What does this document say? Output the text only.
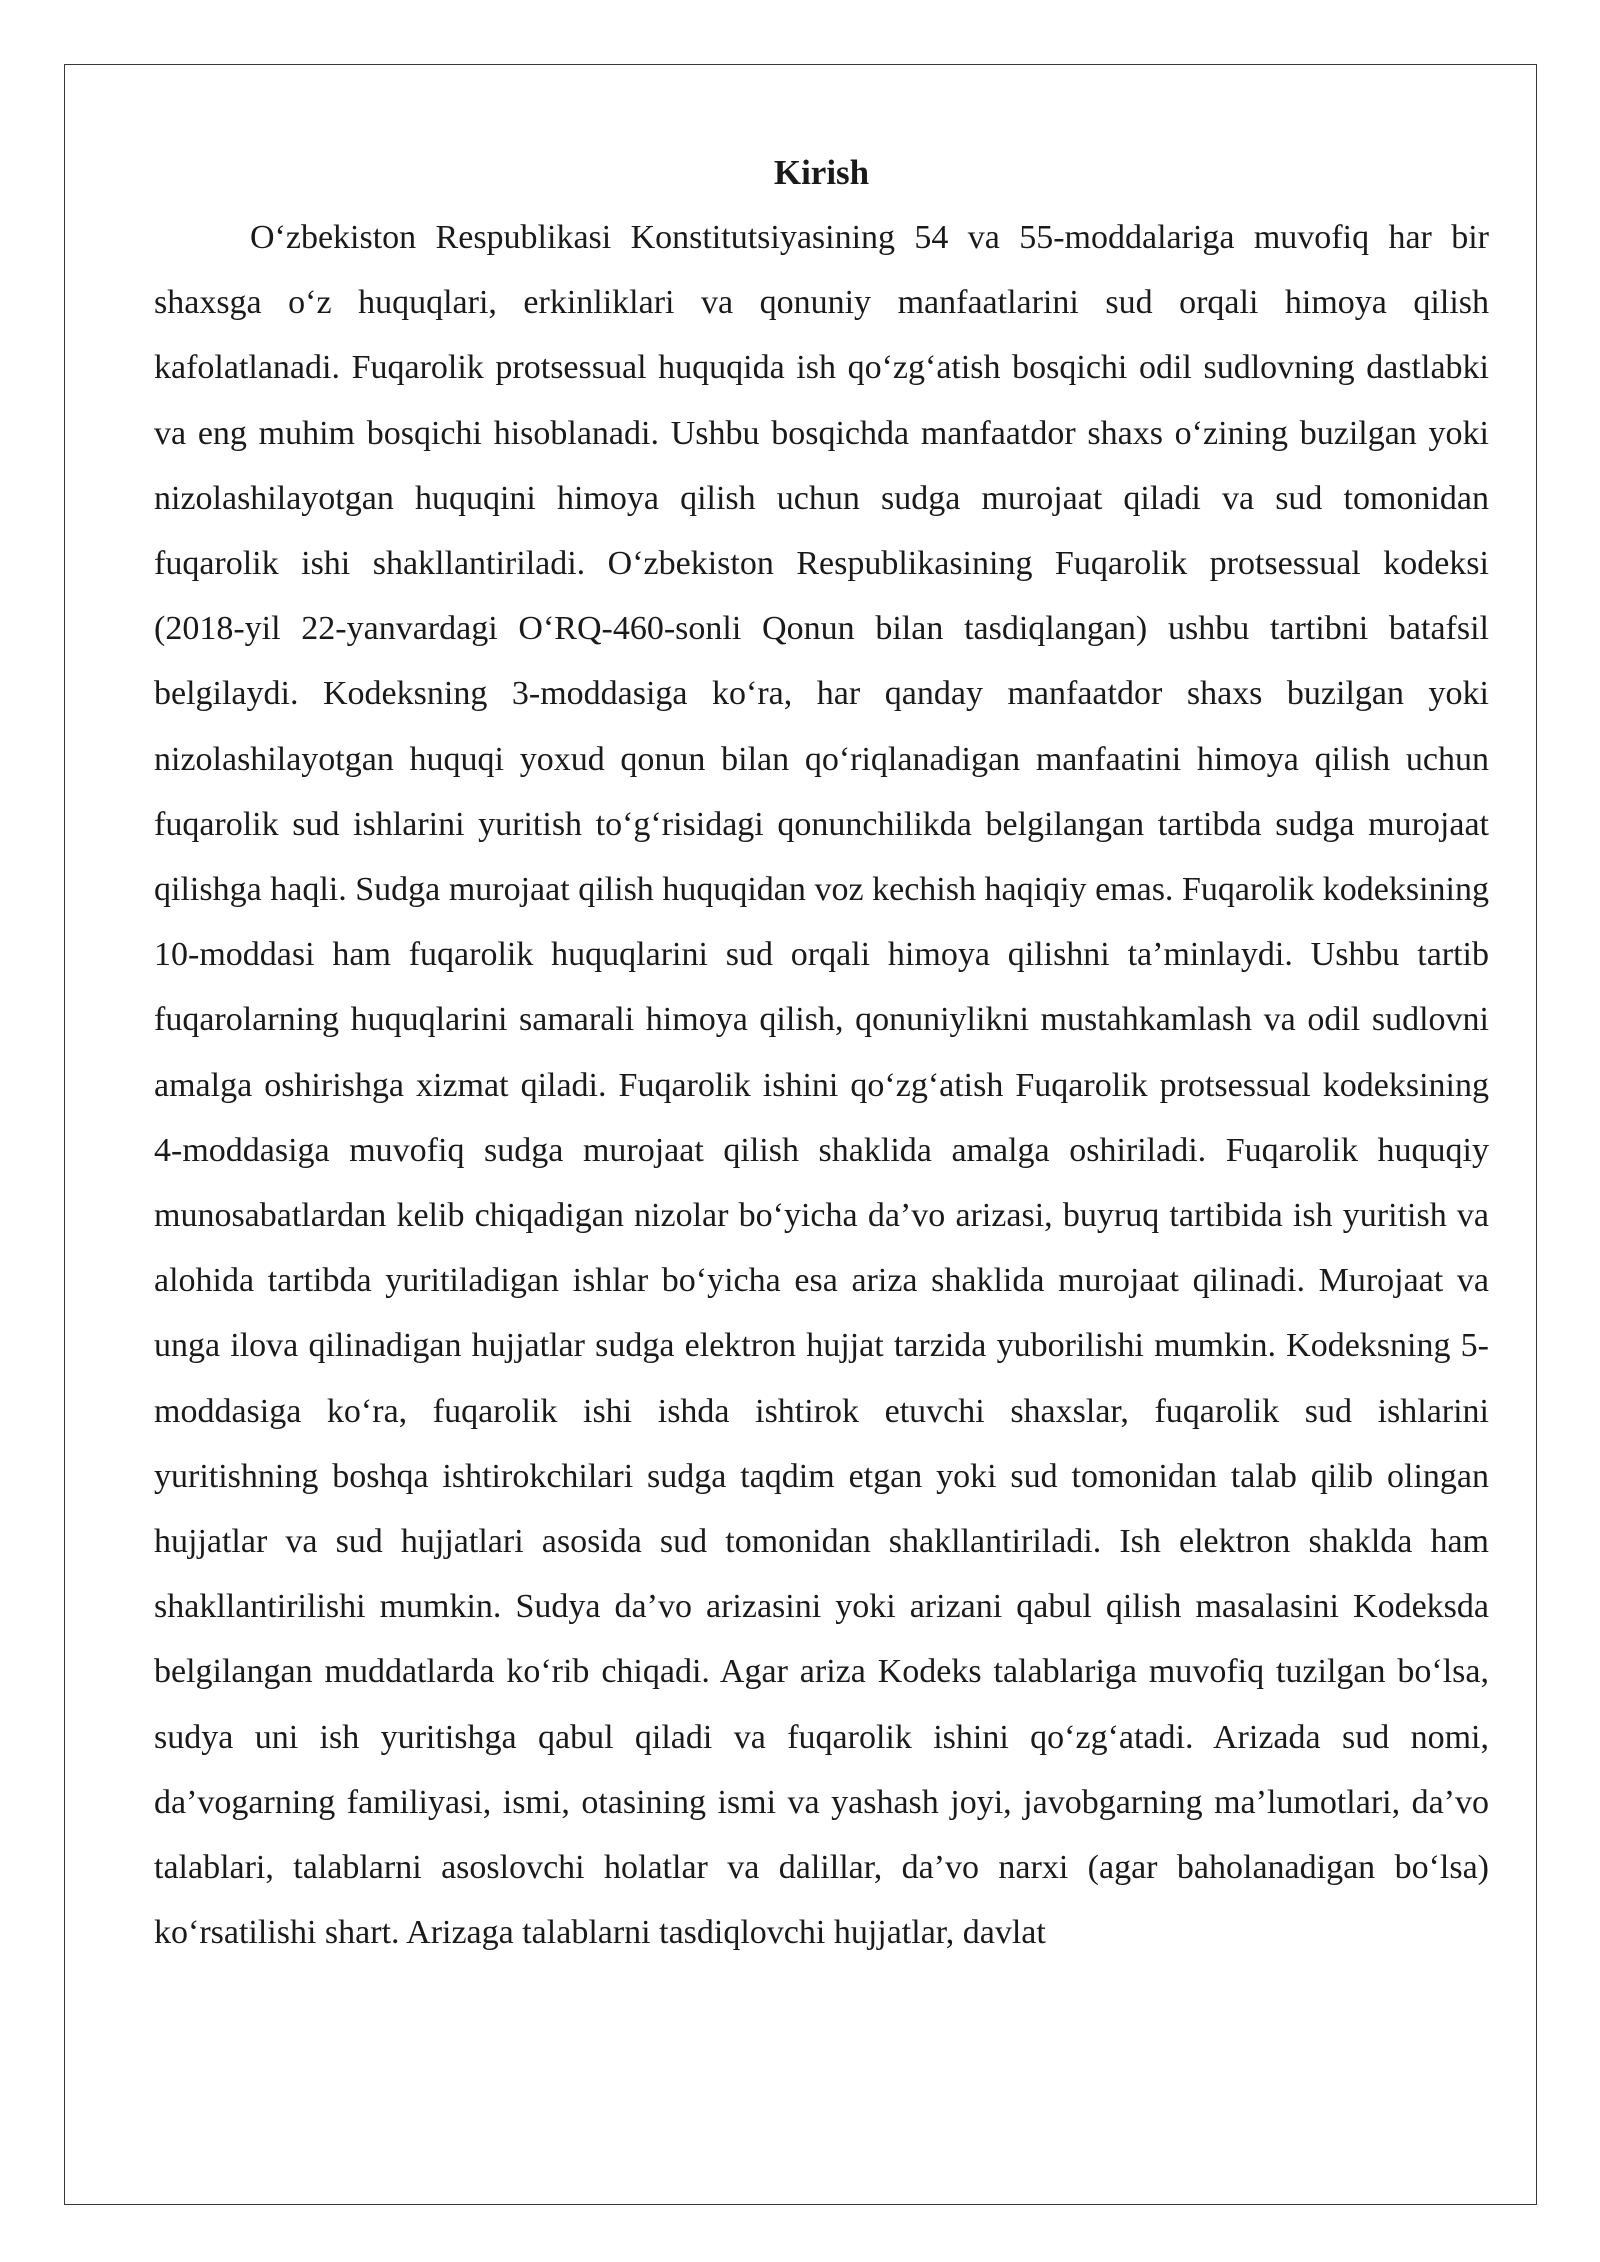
Kirish

O‘zbekiston Respublikasi Konstitutsiyasining 54 va 55-moddalariga muvofiq har bir shaxsga o‘z huquqlari, erkinliklari va qonuniy manfaatlarini sud orqali himoya qilish kafolatlanadi. Fuqarolik protsessual huquqida ish qo‘zg‘atish bosqichi odil sudlovning dastlabki va eng muhim bosqichi hisoblanadi. Ushbu bosqichda manfaatdor shaxs o‘zining buzilgan yoki nizolashilayotgan huquqini himoya qilish uchun sudga murojaat qiladi va sud tomonidan fuqarolik ishi shakllantiriladi. O‘zbekiston Respublikasining Fuqarolik protsessual kodeksi (2018-yil 22-yanvardagi O‘RQ-460-sonli Qonun bilan tasdiqlangan) ushbu tartibni batafsil belgilaydi. Kodeksning 3-moddasiga ko‘ra, har qanday manfaatdor shaxs buzilgan yoki nizolashilayotgan huquqi yoxud qonun bilan qo‘riqlanadigan manfaatini himoya qilish uchun fuqarolik sud ishlarini yuritish to‘g‘risidagi qonunchilikda belgilangan tartibda sudga murojaat qilishga haqli. Sudga murojaat qilish huquqidan voz kechish haqiqiy emas. Fuqarolik kodeksining 10-moddasi ham fuqarolik huquqlarini sud orqali himoya qilishni ta’minlaydi. Ushbu tartib fuqarolarning huquqlarini samarali himoya qilish, qonuniylikni mustahkamlash va odil sudlovni amalga oshirishga xizmat qiladi. Fuqarolik ishini qo‘zg‘atish Fuqarolik protsessual kodeksining 4-moddasiga muvofiq sudga murojaat qilish shaklida amalga oshiriladi. Fuqarolik huquqiy munosabatlardan kelib chiqadigan nizolar bo‘yicha da’vo arizasi, buyruq tartibida ish yuritish va alohida tartibda yuritiladigan ishlar bo‘yicha esa ariza shaklida murojaat qilinadi. Murojaat va unga ilova qilinadigan hujjatlar sudga elektron hujjat tarzida yuborilishi mumkin. Kodeksning 5-moddasiga ko‘ra, fuqarolik ishi ishda ishtirok etuvchi shaxslar, fuqarolik sud ishlarini yuritishning boshqa ishtirokchilari sudga taqdim etgan yoki sud tomonidan talab qilib olingan hujjatlar va sud hujjatlari asosida sud tomonidan shakllantiriladi. Ish elektron shaklda ham shakllantirilishi mumkin. Sudya da’vo arizasini yoki arizani qabul qilish masalasini Kodeksda belgilangan muddatlarda ko‘rib chiqadi. Agar ariza Kodeks talablariga muvofiq tuzilgan bo‘lsa, sudya uni ish yuritishga qabul qiladi va fuqarolik ishini qo‘zg‘atadi. Arizada sud nomi, da’vogarning familiyasi, ismi, otasining ismi va yashash joyi, javobgarning ma’lumotlari, da’vo talablari, talablarni asoslovchi holatlar va dalillar, da’vo narxi (agar baholanadigan bo‘lsa) ko‘rsatilishi shart. Arizaga talablarni tasdiqlovchi hujjatlar, davlat
